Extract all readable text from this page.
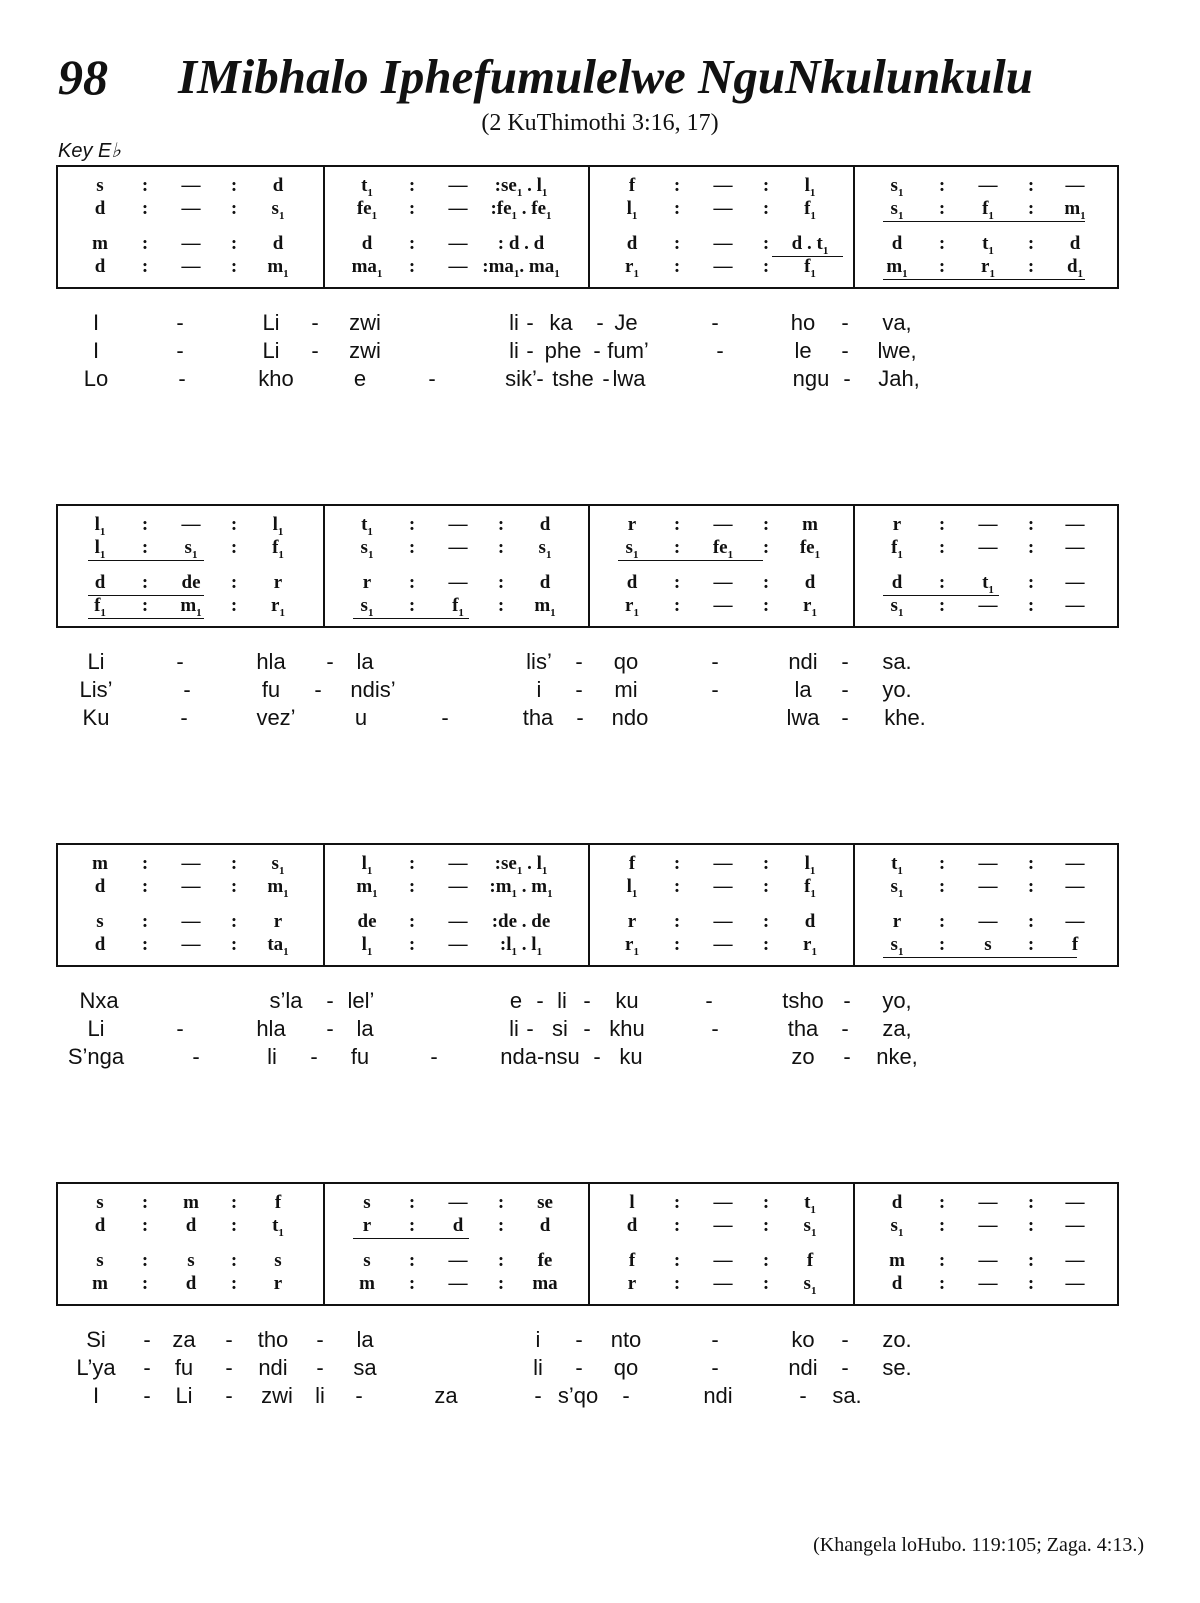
98 IMibhalo Iphefumulelwe NguNkulunkulu
(2 KuThimothi 3:16, 17)
Key E♭
s	:	—	:	d
d	:	—	:	$s_1$
m	:	—	:	d
d	:	—	:	$m_1$
$t_1$	:	—	$:se_1$ . $l_1$
$fe_1$	:	—	$:fe_1$ . $fe_1$
d	:	—	: d . d
$ma_1$	:	— $:ma_1$. $ma_1$
f	:	—	:	$l_1$
$l_1$	:	—	:	$f_1$
d	:	—	:	d . $t_1$
$r_1$	:	—	:	$f_1$
$s_1$	:	—	:	—
$s_1$	:	$f_1$	:	$m_1$
d	:	$t_1$	:	d
$m_1$	:	$r_1$	:	$d_1$
I	-	Li - zwi	li - ka - Je	-	ho - va,
I	-	Li - zwi	li - phe - fum’	-	le - lwe,
Lo	-	kho	e	-	sik’ - tshe - lwa	ngu - Jah,
$l_1$	:	—	:	$l_1$
$l_1$	:	$s_1$	:	$f_1$
d	:	de	:	r
$f_1$	:	$m_1$	:	$r_1$
$t_1$	:	—	:	d
$s_1$	:	—	:	$s_1$
r	:	—	:	d
$s_1$	:	$f_1$	:	$m_1$
r	:	—	:	m
$s_1$	:	$fe_1$	:	$fe_1$
d	:	—	:	d
$r_1$	:	—	:	$r_1$
r	:	—	:	—
$f_1$	:	—	:	—
d	:	$t_1$	:	—
$s_1$	:	—	:	—
Li	-	hla - la	lis’ - qo	-	ndi - sa.
Lis’	-	fu - ndis’	i - mi	-	la - yo.
Ku	-	vez’	u	-	tha - ndo	lwa - khe.
m	:	—	:	$s_1$
d	:	—	:	$m_1$
s	:	—	:	r
d	:	—	:	$ta_1$
$l_1$	:	—	$:se_1$ . $l_1$
$m_1$	:	—	$:m_1$ . $m_1$
de	:	—	:de . de
$l_1$	:	—	$:l_1$ . $l_1$
f	:	—	:	$l_1$
$l_1$	:	—	:	$f_1$
r	:	—	:	d
$r_1$	:	—	:	$r_1$
$t_1$	:	—	:	—
$s_1$	:	—	:	—
r	:	—	:	—
$s_1$	:	s	:	f
Nxa	s’la - lel’	e - li - ku	-	tsho - yo,
Li	-	hla - la	li - si - khu	-	tha - za,
S’nga	-	li - fu	-	nda-nsu - ku	zo - nke,
s	:	m	:	f
d	:	d	:	$t_1$
s	:	s	:	s
m	:	d	:	r
s	:	—	:	se
r	:	d	:	d
s	:	—	:	fe
m	:	—	:	ma
l	:	—	:	$t_1$
d	:	—	:	$s_1$
f	:	—	:	f
r	:	—	:	$s_1$
d	:	—	:	—
$s_1$	:	—	:	—
m	:	—	:	—
d	:	—	:	—
Si - za - tho - la	i - nto	-	ko - zo.
L’ya - fu - ndi - sa	li - qo	-	ndi - se.
I - Li - zwi li -	za	- s’qo -	ndi	- sa.
(Khangela loHubo. 119:105; Zaga. 4:13.)
